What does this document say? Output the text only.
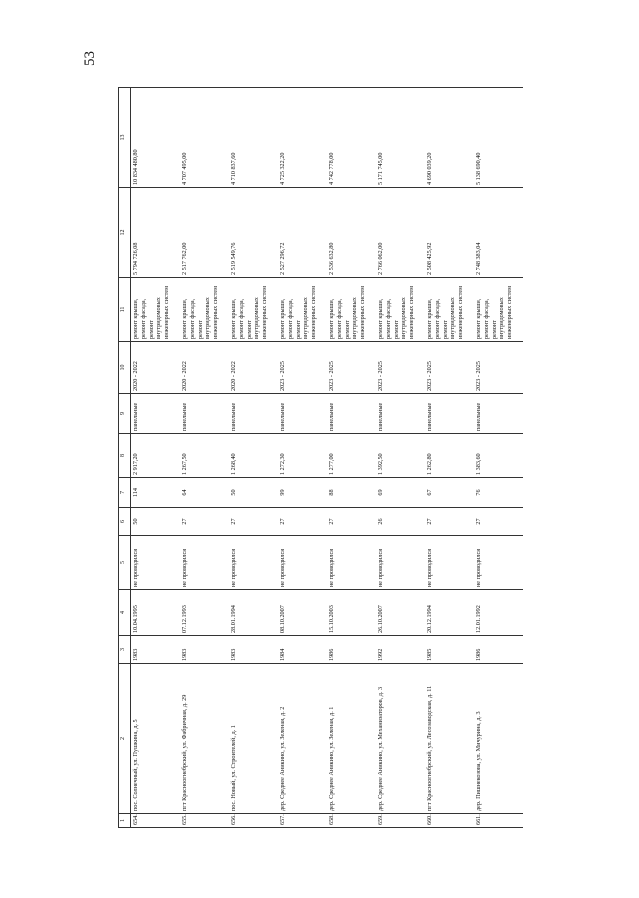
53
1	2	3	4	5	6	7	8	9	10	11	12	13
654.	пос. Солнечный, ул. Пушкина, д. 5	1983	10.04.1995	не проводился	50	114	2 917,20	панельные	2020 - 2022	ремонт крыши, ремонт фасада, ремонт внутридомовых инженерных систем	5 794 726,08	10 834 480,80
655.	пгт Красноогнебрский, ул. Фабричная, д. 29	1983	07.12.1993	не проводился	27	64	1 267,50	панельные	2020 - 2022	ремонт крыши, ремонт фасада, ремонт внутридомовых инженерных систем	2 517 762,00	4 707 495,00
656.	пос. Новый, ул. Строителей, д. 1	1983	28.01.1994	не проводился	27	50	1 268,40	панельные	2020 - 2022	ремонт крыши, ремонт фасада, ремонт внутридомовых инженерных систем	2 519 549,76	4 710 837,60
657.	дер. Среднее Аникино, ул. Зеленая, д. 2	1984	08.10.2007	не проводился	27	99	1 272,30	панельные	2023 - 2025	ремонт крыши, ремонт фасада, ремонт внутридомовых инженерных систем	2 527 296,72	4 725 322,20
658.	дер. Среднее Аникино, ул. Зеленая, д. 1	1986	15.10.2003	не проводился	27	88	1 277,00	панельные	2023 - 2025	ремонт крыши, ремонт фасада, ремонт внутридомовых инженерных систем	2 536 632,80	4 742 778,00
659.	дер. Среднее Аникино, ул. Механизаторов, д. 3	1992	26.10.2007	не проводился	26	69	1 392,50	панельные	2023 - 2025	ремонт крыши, ремонт фасада, ремонт внутридомовых инженерных систем	2 766 062,00	5 171 745,00
660.	пгт Красноогнебрский, ул. Лесозаводская, д. 11	1985	20.12.1994	не проводился	27	67	1 262,80	панельные	2023 - 2025	ремонт крыши, ремонт фасада, ремонт внутридомовых инженерных систем	2 508 425,92	4 690 039,20
661.	дер. Пишнекозова, ул. Мичурина, д. 3	1986	12.01.1992	не проводился	27	76	1 383,60	панельные	2023 - 2025	ремонт крыши, ремонт фасада, ремонт внутридомовых инженерных систем	2 748 383,04	5 138 690,40
